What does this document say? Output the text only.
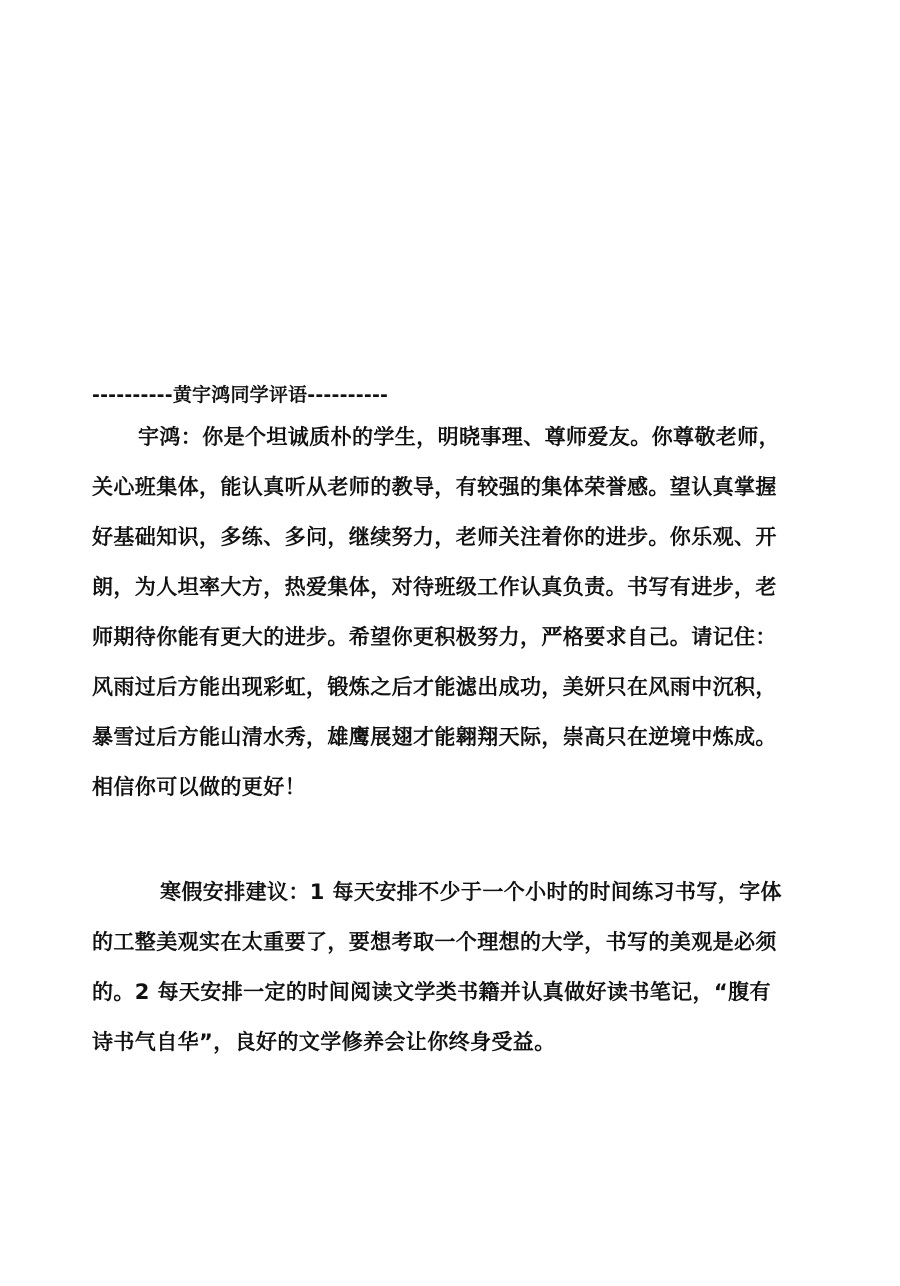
----------黄宇鸿同学评语----------
宇鸿：你是个坦诚质朴的学生，明晓事理、尊师爱友。你尊敬老师，
关心班集体，能认真听从老师的教导，有较强的集体荣誉感。望认真掌握
好基础知识，多练、多问，继续努力，老师关注着你的进步。你乐观、开
朗，为人坦率大方，热爱集体，对待班级工作认真负责。书写有进步，老
师期待你能有更大的进步。希望你更积极努力，严格要求自己。请记住：
风雨过后方能出现彩虹，锻炼之后才能滤出成功，美妍只在风雨中沉积，
暴雪过后方能山清水秀，雄鹰展翅才能翱翔天际，崇高只在逆境中炼成。
相信你可以做的更好！
寒假安排建议：1 每天安排不少于一个小时的时间练习书写，字体
的工整美观实在太重要了，要想考取一个理想的大学，书写的美观是必须
的。2 每天安排一定的时间阅读文学类书籍并认真做好读书笔记，“腹有
诗书气自华”，良好的文学修养会让你终身受益。
